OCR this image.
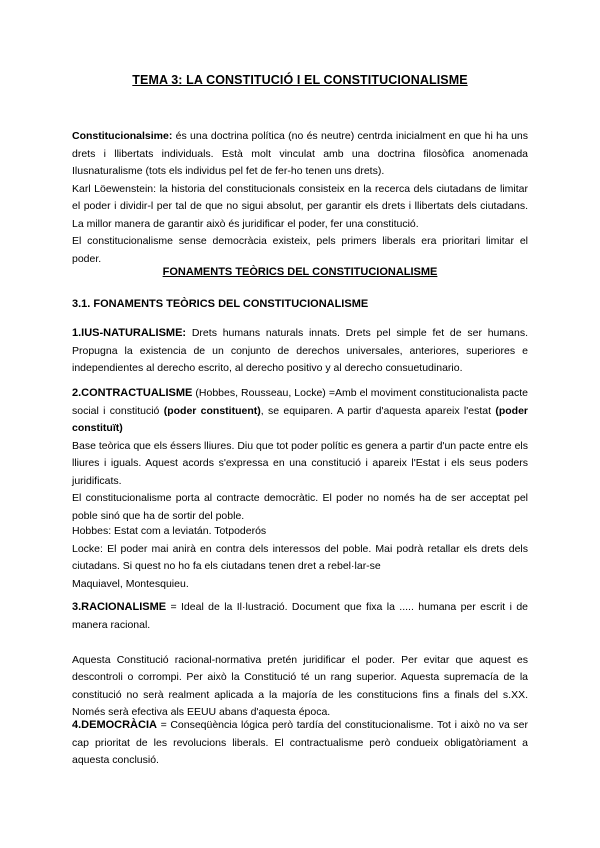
TEMA 3: LA CONSTITUCIÓ I EL CONSTITUCIONALISME

Constitucionalsime: és una doctrina política (no és neutre) centrda inicialment en que hi ha uns drets i llibertats individuals. Està molt vinculat amb una doctrina filosòfica anomenada Ilusnaturalisme (tots els individus pel fet de fer-ho tenen uns drets).

Karl Löewenstein: la historia del constitucionals consisteix en la recerca dels ciutadans de limitar el poder i dividir-l per tal de que no sigui absolut, per garantir els drets i llibertats dels ciutadans. La millor manera de garantir això és juridificar el poder, fer una constitució.

El constitucionalisme sense democràcia existeix, pels primers liberals era prioritari limitar el poder.

FONAMENTS TEÒRICS DEL CONSTITUCIONALISME
3.1. FONAMENTS TEÒRICS DEL CONSTITUCIONALISME

1.IUS-NATURALISME: Drets humans naturals innats. Drets pel simple fet de ser humans. Propugna la existencia de un conjunto de derechos universales, anteriores, superiores e independientes al derecho escrito, al derecho positivo y al derecho consuetudinario.

2.CONTRACTUALISME (Hobbes, Rousseau, Locke) =Amb el moviment constitucionalista pacte social i constitució (poder constituent), se equiparen. A partir d'aquesta apareix l'estat (poder constituït)

Base teòrica que els éssers lliures. Diu que tot poder polític es genera a partir d'un pacte entre els lliures i iguals. Aquest acords s'expressa en una constitució i apareix l'Estat i els seus poders juridificats.

El constitucionalisme porta al contracte democràtic. El poder no només ha de ser acceptat pel poble sinó que ha de sortir del poble.

Hobbes: Estat com a leviatán. Totpoderós

Locke: El poder mai anirà en contra dels interessos del poble. Mai podrà retallar els drets dels ciutadans. Si quest no ho fa els ciutadans tenen dret a rebel·lar-se

Maquiavel, Montesquieu.

3.RACIONALISME = Ideal de la Il·lustració. Document que fixa la ..... humana per escrit i de manera racional.

Aquesta Constitució racional-normativa pretén juridificar el poder. Per evitar que aquest es descontroli o corrompi. Per això la Constitució té un rang superior. Aquesta supremacía de la constitució no serà realment aplicada a la majoría de les constitucions fins a finals del s.XX. Només serà efectiva als EEUU abans d'aquesta época.

4.DEMOCRÀCIA = Conseqüència lógica però tardía del constitucionalisme. Tot i això no va ser cap prioritat de les revolucions liberals. El contractualisme però condueix obligatòriament a aquesta conclusió.
